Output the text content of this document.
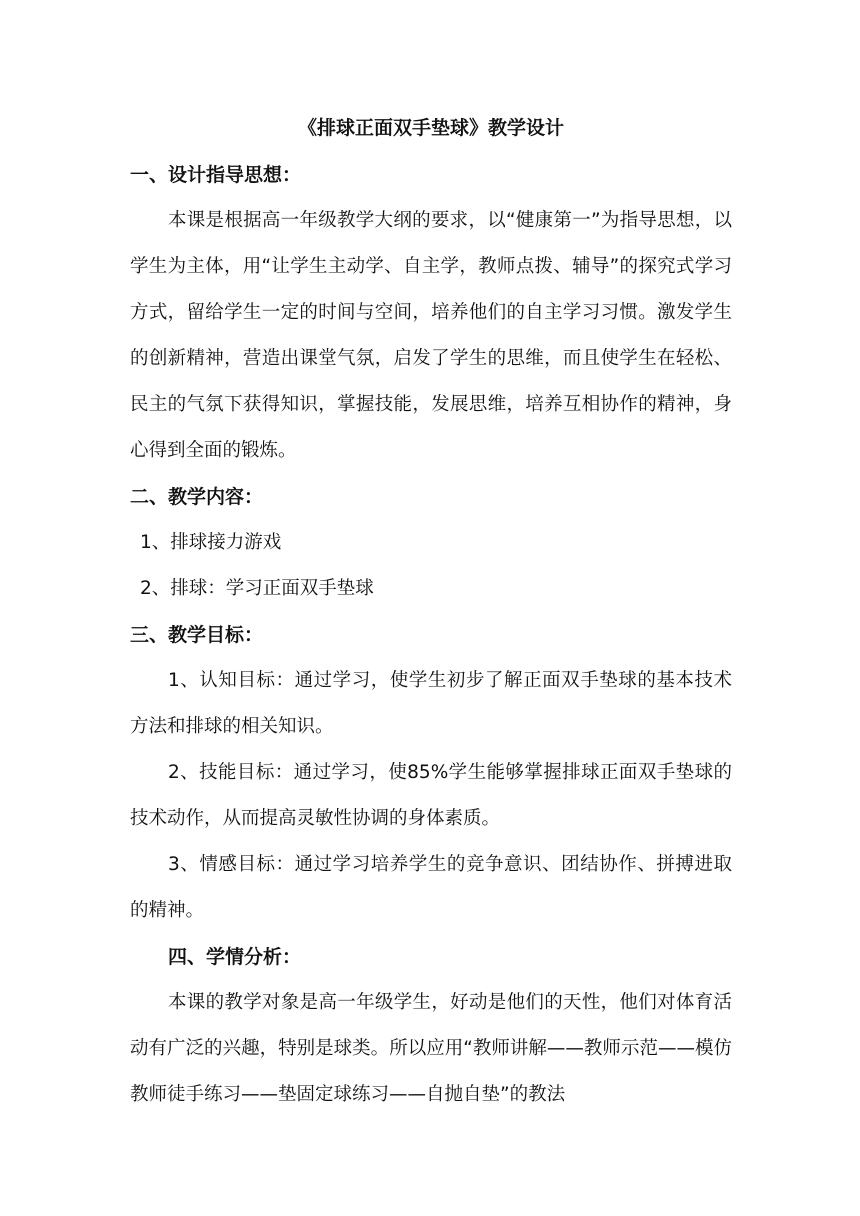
《排球正面双手垫球》教学设计
一、设计指导思想：

本课是根据高一年级教学大纲的要求，以“健康第一”为指导思想，以学生为主体，用“让学生主动学、自主学，教师点拨、辅导”的探究式学习方式，留给学生一定的时间与空间，培养他们的自主学习习惯。激发学生的创新精神，营造出课堂气氛，启发了学生的思维，而且使学生在轻松、民主的气氛下获得知识，掌握技能，发展思维，培养互相协作的精神，身心得到全面的锻炼。

二、教学内容：

1、排球接力游戏

2、排球：学习正面双手垫球

三、教学目标：

1、认知目标：通过学习，使学生初步了解正面双手垫球的基本技术方法和排球的相关知识。

2、技能目标：通过学习，使85%学生能够掌握排球正面双手垫球的技术动作，从而提高灵敏性协调的身体素质。

3、情感目标：通过学习培养学生的竞争意识、团结协作、拼搏进取的精神。

四、学情分析：

本课的教学对象是高一年级学生，好动是他们的天性，他们对体育活动有广泛的兴趣，特别是球类。所以应用“教师讲解——教师示范——模仿教师徒手练习——垫固定球练习——自抛自垫”的教法
